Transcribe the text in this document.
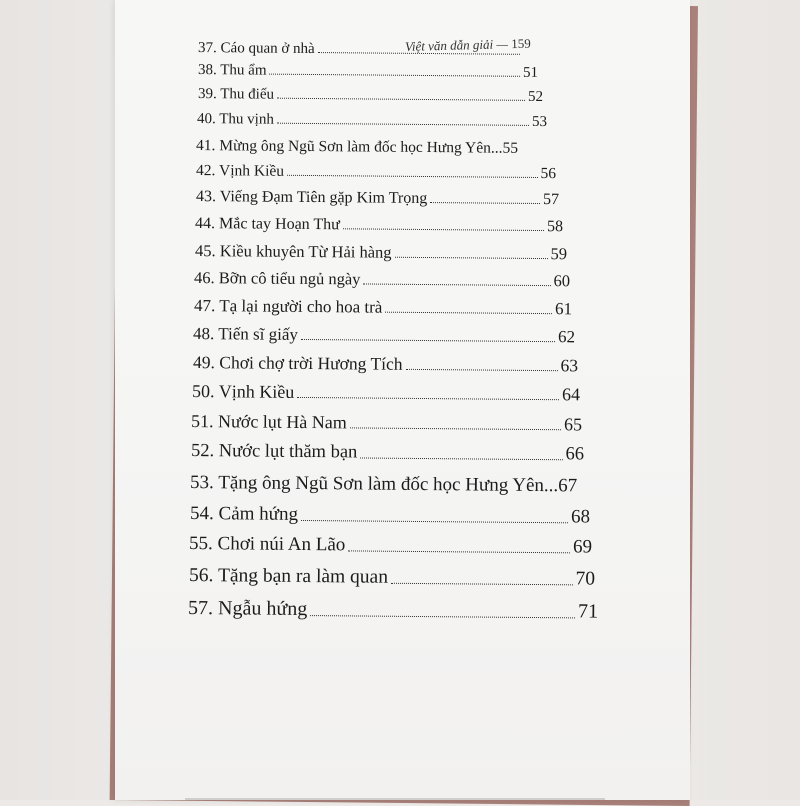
Việt văn dẫn giải — 159
37. Cáo quan ở nhà
38. Thu ẩm	51
39. Thu điếu	52
40. Thu vịnh	53
41. Mừng ông Ngũ Sơn làm đốc học Hưng Yên... 55
42. Vịnh Kiều	56
43. Viếng Đạm Tiên gặp Kim Trọng	57
44. Mắc tay Hoạn Thư	58
45. Kiều khuyên Từ Hải hàng	59
46. Bỡn cô tiểu ngủ ngày	60
47. Tạ lại người cho hoa trà	61
48. Tiến sĩ giấy	62
49. Chơi chợ trời Hương Tích	63
50. Vịnh Kiều	64
51. Nước lụt Hà Nam	65
52. Nước lụt thăm bạn	66
53. Tặng ông Ngũ Sơn làm đốc học Hưng Yên... 67
54. Cảm hứng	68
55. Chơi núi An Lão	69
56. Tặng bạn ra làm quan	70
57. Ngẫu hứng	71
